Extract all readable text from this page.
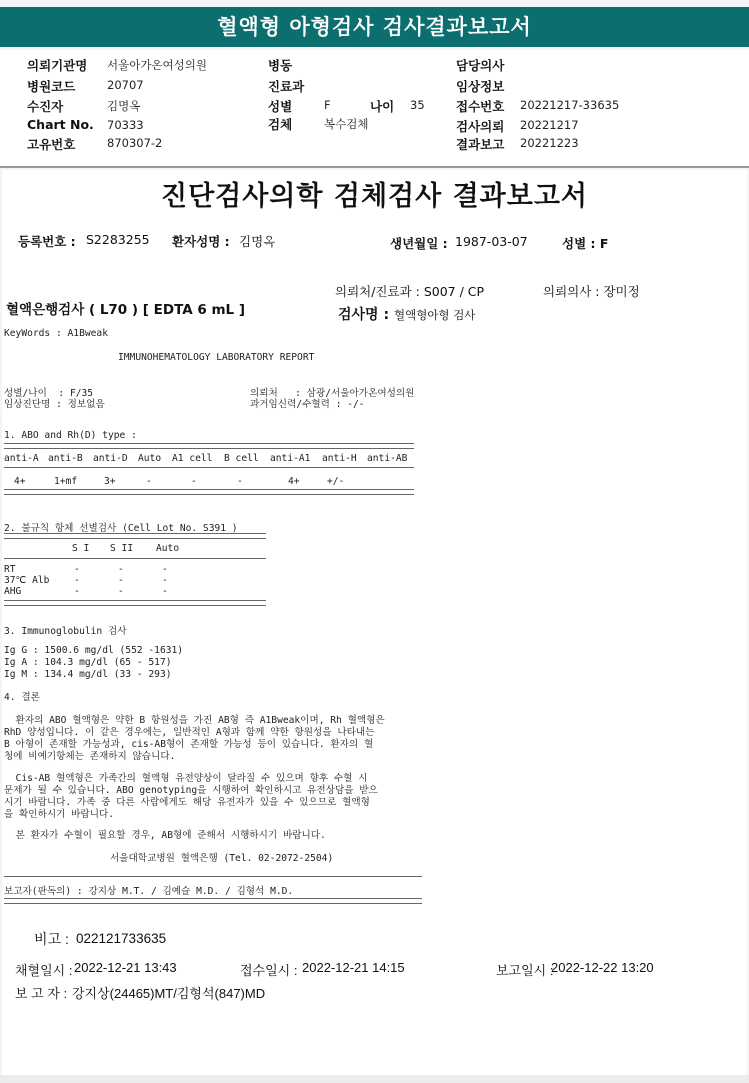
혈액형 아형검사 검사결과보고서
의뢰기관명 서울아가온여성의원
병원코드	20707
수진자	김명옥
Chart No. 70333
고유번호	870307-2
병동
진료과
성별	F	나이 35
검체	복수검체
담당의사
임상정보
접수번호 20221217-33635
검사의뢰 20221217
결과보고 20221223
진단검사의학 검체검사 결과보고서
등록번호 : S2283255 환자성명 : 김명옥	생년월일 : 1987-03-07	성별 : F
의뢰처/진료과 : S007 / CP	의뢰의사 : 장미정
혈액은행검사 ( L70 ) [ EDTA 6 mL ]	검사명 : 혈액형아형 검사
KeyWords : A1Bweak
IMMUNOHEMATOLOGY LABORATORY REPORT
성별/나이  : F/35
임상진단명 : 정보없음
의뢰처   : 삼광/서울아가온여성의원
과거임신력/수혈력 : -/-
1. ABO and Rh(D) type :
anti-A anti-B anti-D Auto A1 cell B cell anti-A1 anti-H anti-AB
4+	1+mf	3+	-	-	-	4+	+/-
2. 불규칙 항체 선별검사 (Cell Lot No. S391 )
S I S II Auto
RT	-	-	-
37℃ Alb	-	-	-
AHG	-	-	-
3. Immunoglobulin 검사
Ig G : 1500.6 mg/dl (552 -1631)
Ig A : 104.3 mg/dl (65 - 517)
Ig M : 134.4 mg/dl (33 - 293)
4. 결론
환자의 ABO 혈액형은 약한 B 항원성을 가진 AB형 즉 A1Bweak이며, Rh 혈액형은
RhD 양성입니다. 이 같은 경우에는, 일반적인 A형과 함께 약한 항원성을 나타내는
B 아형이 존재할 가능성과, cis-AB형이 존재할 가능성 등이 있습니다. 환자의 혈
청에 비예기항체는 존재하지 않습니다.
Cis-AB 혈액형은 가족간의 혈액형 유전양상이 달라질 수 있으며 향후 수혈 시
문제가 될 수 있습니다. ABO genotyping을 시행하여 확인하시고 유전상담을 받으
시기 바랍니다. 가족 중 다른 사람에게도 해당 유전자가 있을 수 있으므로 혈액형
을 확인하시기 바랍니다.
본 환자가 수혈이 필요할 경우, AB형에 준해서 시행하시기 바랍니다.
서울대학교병원 혈액은행 (Tel. 02-2072-2504)
보고자(판독의) : 강지상 M.T. / 김예슬 M.D. / 김형석 M.D.
비고 : 022121733635
채혈일시 : 2022-12-21 13:43	접수일시 : 2022-12-21 14:15	보고일시 :
2022-12-22 13:20
보 고 자 : 강지상(24465)MT/김형석(847)MD
